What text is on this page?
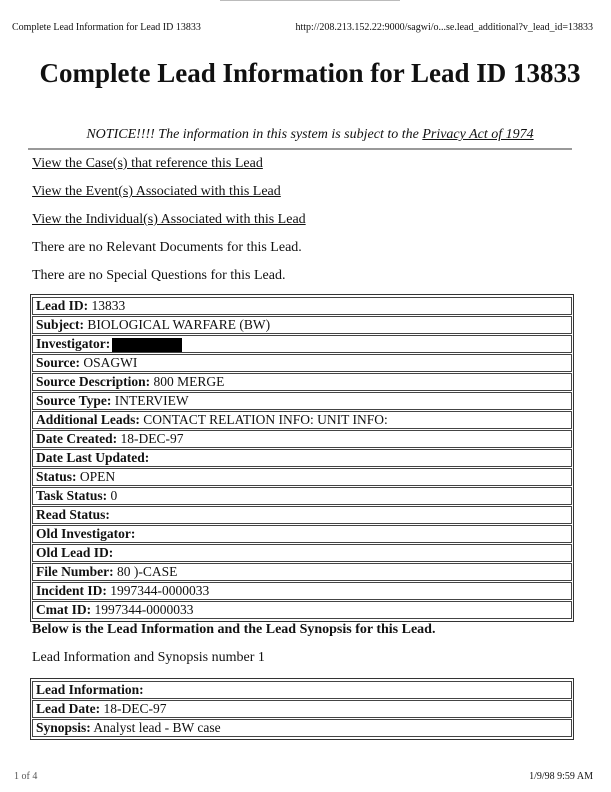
Complete Lead Information for Lead ID 13833	http://208.213.152.22:9000/sagwi/o...se.lead_additional?v_lead_id=13833
Complete Lead Information for Lead ID 13833
NOTICE!!!! The information in this system is subject to the Privacy Act of 1974
View the Case(s) that reference this Lead
View the Event(s) Associated with this Lead
View the Individual(s) Associated with this Lead
There are no Relevant Documents for this Lead.
There are no Special Questions for this Lead.
Lead ID: 13833
Subject: BIOLOGICAL WARFARE (BW)
Investigator:
Source: OSAGWI
Source Description: 800 MERGE
Source Type: INTERVIEW
Additional Leads: CONTACT RELATION INFO: UNIT INFO:
Date Created: 18-DEC-97
Date Last Updated:
Status: OPEN
Task Status: 0
Read Status:
Old Investigator:
Old Lead ID:
File Number: 80 )-CASE
Incident ID: 1997344-0000033
Cmat ID: 1997344-0000033
Below is the Lead Information and the Lead Synopsis for this Lead.
Lead Information and Synopsis number 1
Lead Information:
Lead Date: 18-DEC-97
Synopsis: Analyst lead - BW case
1 of 4	1/9/98 9:59 AM
